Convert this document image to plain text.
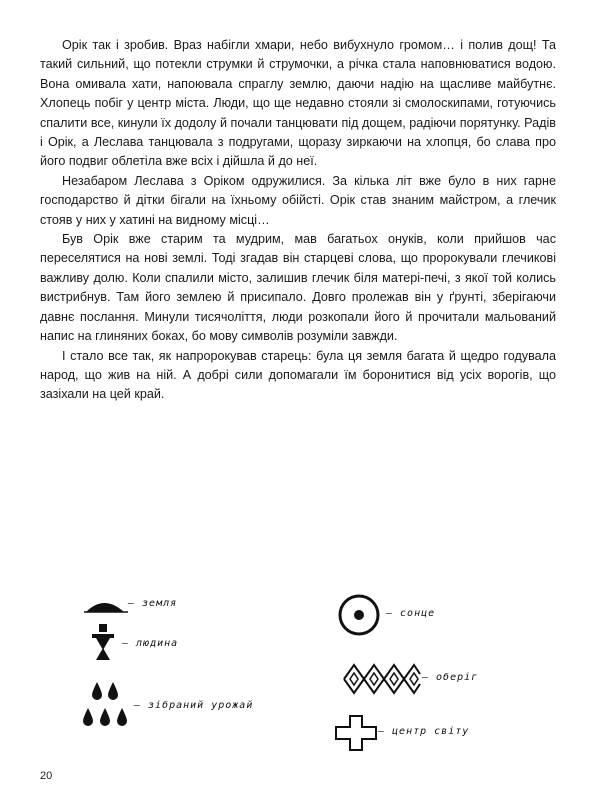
Орік так і зробив. Враз набігли хмари, небо вибухнуло громом… і полив дощ! Та такий сильний, що потекли струмки й струмочки, а річка стала наповнюватися водою. Вона омивала хати, напоювала спраглу землю, даючи надію на щасливе майбутнє. Хлопець побіг у центр міста. Люди, що ще недавно стояли зі смолоскипами, готуючись спалити все, кинули їх додолу й почали танцювати під дощем, радіючи порятунку. Радів і Орік, а Леслава танцювала з подругами, щоразу зиркаючи на хлопця, бо слава про його подвиг облетіла вже всіх і дійшла й до неї.

Незабаром Леслава з Оріком одружилися. За кілька літ вже було в них гарне господарство й дітки бігали на їхньому обійсті. Орік став знаним майстром, а глечик стояв у них у хатині на видному місці…

Був Орік вже старим та мудрим, мав багатьох онуків, коли прийшов час переселятися на нові землі. Тоді згадав він старцеві слова, що пророкували глечикові важливу долю. Коли спалили місто, залишив глечик біля матері-печі, з якої той колись вистрибнув. Там його землею й присипало. Довго пролежав він у ґрунті, зберігаючи давнє послання. Минули тисячоліття, люди розкопали його й прочитали мальований напис на глиняних боках, бо мову символів розуміли завжди.

І стало все так, як напророкував старець: була ця земля багата й щедро годувала народ, що жив на ній. А добрі сили допомагали їм боронитися від усіх ворогів, що зазіхали на цей край.

– земля
– людина
– зібраний урожай
– сонце
– оберіг
– центр світу
20
